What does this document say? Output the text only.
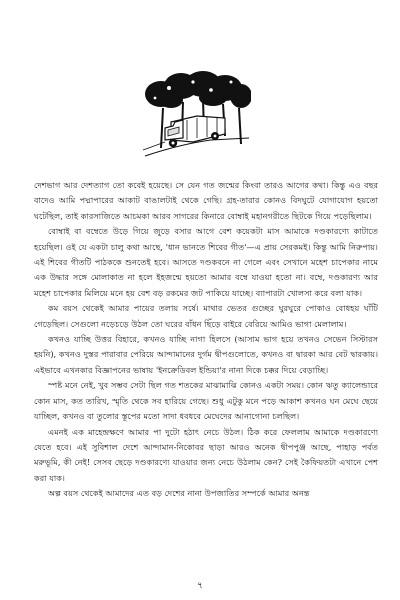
দেশভাগ আর দেশত্যাগ তো কবেই হয়েছে। সে যেন গত জন্মের কিংবা তারও আগের কথা। কিন্তু এও বছর বাদেও আমি পদ্মাপারের আকাট বাঙালটাই থেকে গেছি। গ্রহ-তারার কোনও বিদঘুটে যোগাযোগ হয়তো ঘটেছিল, তাই কারসাজিতে আচমকা আরব সাগরের কিনারে বোম্বাই মহানগরীতে ছিটকে গিয়ে পড়েছিলাম।

বোম্বাই বা বম্বেতে উড়ে গিয়ে জুড়ে বসার আগে বেশ কয়েকটা মাস আমাকে দণ্ডকারণ্যে কাটাতে হয়েছিল। ওই যে একটা চালু কথা আছে, 'ধান ভানতে শিবের গীত'—এ প্রায় সেরকমই। কিন্তু আমি নিরুপায়। এই শিবের গীতটি পাঠককে শুনতেই হবে। আসতে দণ্ডকবনে না গেলে এবং সেখানে মহেশ চাপেকার নামে এক উদ্ধার সঙ্গে মোলাকাত না হলে ইহজন্মে হয়তো আমার বম্বে যাওয়া হতো না। বম্বে, দণ্ডকারণ্য আর মহেশ চাপেকার মিলিয়ে মনে হয় বেশ বড় রকমের জট পাকিয়ে যাচ্ছে। ব্যাপারটা খোলসা করে বলা যাক।

কম বয়স থেকেই আমার পায়ের তলায় সর্ষে। মাথার ভেতর গুচ্ছের ঘুরঘুরে পোকাও বোধহয় ঘাঁটি গেড়েছিল। সেগুলো নড়েচড়ে উঠল তো ঘরের বাঁধন ছিঁড়ে বাইরে বেরিয়ে আমিও ভাগা মেলালাম।

কখনও যাচ্ছি উত্তর বিহারে, কখনও যাচ্ছি নাগা হিলসে (আসাম ভাগ হয়ে তখনও সেভেন সিস্টারস হয়নি), কখনও দুস্তর পারাবার পেরিয়ে আন্দামানের দুর্গম দ্বীপগুলোতে, কখনও বা দ্বারকা আর বেট দ্বারকায়। এইভাবে এখনকার বিজ্ঞাপনের ভাষায় 'ইনক্রেডিবল ইন্ডিয়া'র নানা দিকে চক্কর দিয়ে বেড়াচ্ছি।

স্পষ্ট মনে নেই, খুব সম্ভব সেটা ছিল গত শতকের মাঝামাঝি কোনও একটা সময়। কোন ঋতু ক্যালেন্ডারে কোন মাস, কত তারিখ, স্মৃতি থেকে সব হারিয়ে গেছে। শুধু এটুকু মনে পড়ে আকাশ কখনও ঘন মেঘে ছেয়ে যাচ্ছিল, কখনও বা তুলোর স্তূপের মতো সাদা ধবধবে মেঘেদের আনাগোনা চলছিল।

এমনই এক মাহেন্দ্রক্ষণে আমার পা দুটো হঠাৎ নেচে উঠল। ঠিক করে ফেললাম আমাকে দণ্ডকারণ্যে যেতে হবে। এই সুবিশাল দেশে আন্দামান-নিকোবর ছাড়া আরও অনেক দ্বীপপুঞ্জ আছে, পাহাড় পর্বত মরুভূমি, কী নেই! সেসব ছেড়ে দণ্ডকারণ্যে যাওয়ার জন্য নেচে উঠলাম কেন? সেই কৈফিয়তটা এখানে পেশ করা যাক।

অল্প বয়স থেকেই আমাদের এত বড় দেশের নানা উপজাতির সম্পর্কে আমার অনন্ত

৭
